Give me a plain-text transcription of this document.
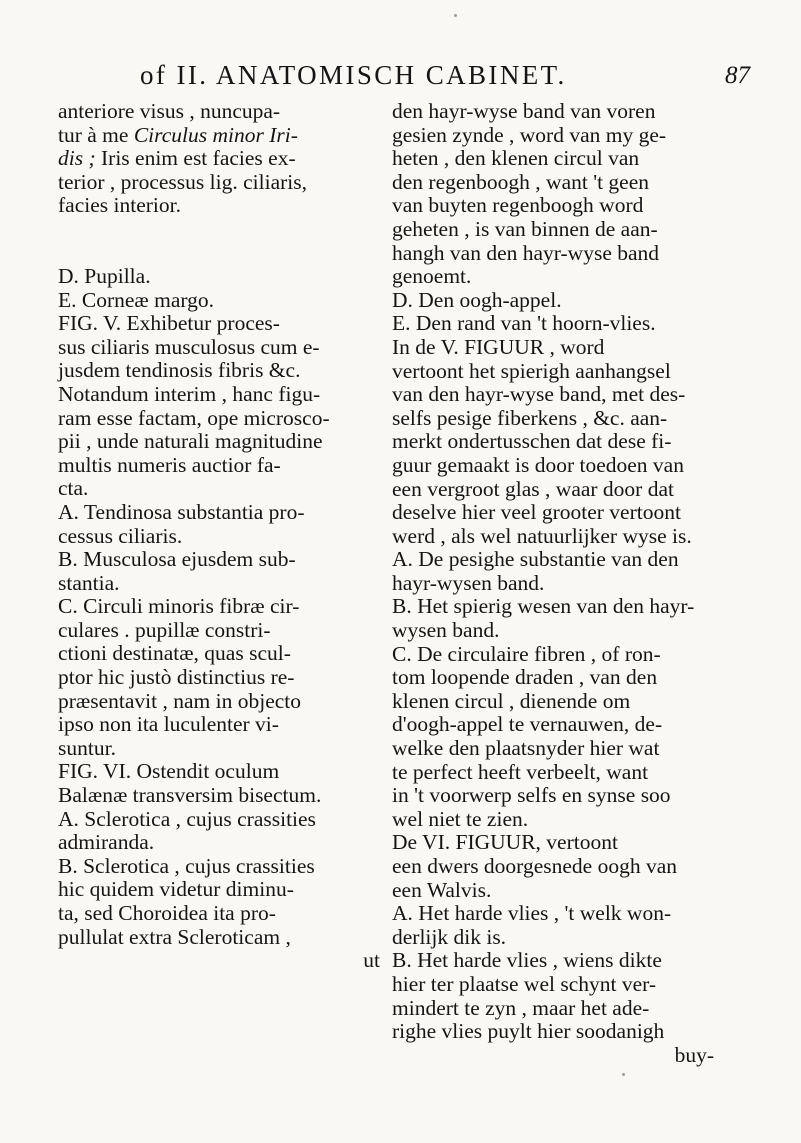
of II. ANATOMISCH CABINET.	87
anteriore visus , nuncupa-
tur à me Circulus minor Iri-
dis ; Iris enim est facies ex-
terior , processus lig. ciliaris,
facies interior.
D. Pupilla.
E. Corneæ margo.
FIG. V. Exhibetur proces-
sus ciliaris musculosus cum e-
jusdem tendinosis fibris &c.
Notandum interim , hanc figu-
ram esse factam, ope microsco-
pii , unde naturali magnitudine
multis numeris auctior fa-
cta.
A. Tendinosa substantia pro-
cessus ciliaris.
B. Musculosa ejusdem sub-
stantia.
C. Circuli minoris fibræ cir-
culares . pupillæ constri-
ctioni destinatæ, quas scul-
ptor hic justò distinctius re-
præsentavit , nam in objecto
ipso non ita luculenter vi-
suntur.
FIG. VI. Ostendit oculum
Balænæ transversim bisectum.
A. Sclerotica , cujus crassities
admiranda.
B. Sclerotica , cujus crassities
hic quidem videtur diminu-
ta, sed Choroidea ita pro-
pullulat extra Scleroticam ,
ut
den hayr-wyse band van voren
gesien zynde , word van my ge-
heten , den klenen circul van
den regenboogh , want 't geen
van buyten regenboogh word
geheten , is van binnen de aan-
hangh van den hayr-wyse band
genoemt.
D. Den oogh-appel.
E. Den rand van 't hoorn-vlies.
In de V. FIGUUR , word
vertoont het spierigh aanhangsel
van den hayr-wyse band, met des-
selfs pesige fiberkens , &c. aan-
merkt ondertusschen dat dese fi-
guur gemaakt is door toedoen van
een vergroot glas , waar door dat
deselve hier veel grooter vertoont
werd , als wel natuurlijker wyse is.
A. De pesighe substantie van den
hayr-wysen band.
B. Het spierig wesen van den hayr-
wysen band.
C. De circulaire fibren , of ron-
tom loopende draden , van den
klenen circul , dienende om
d'oogh-appel te vernauwen, de-
welke den plaatsnyder hier wat
te perfect heeft verbeelt, want
in 't voorwerp selfs en synse soo
wel niet te zien.
De VI. FIGUUR, vertoont
een dwers doorgesnede oogh van
een Walvis.
A. Het harde vlies , 't welk won-
derlijk dik is.
B. Het harde vlies , wiens dikte
hier ter plaatse wel schynt ver-
mindert te zyn , maar het ade-
righe vlies puylt hier soodanigh
buy-
